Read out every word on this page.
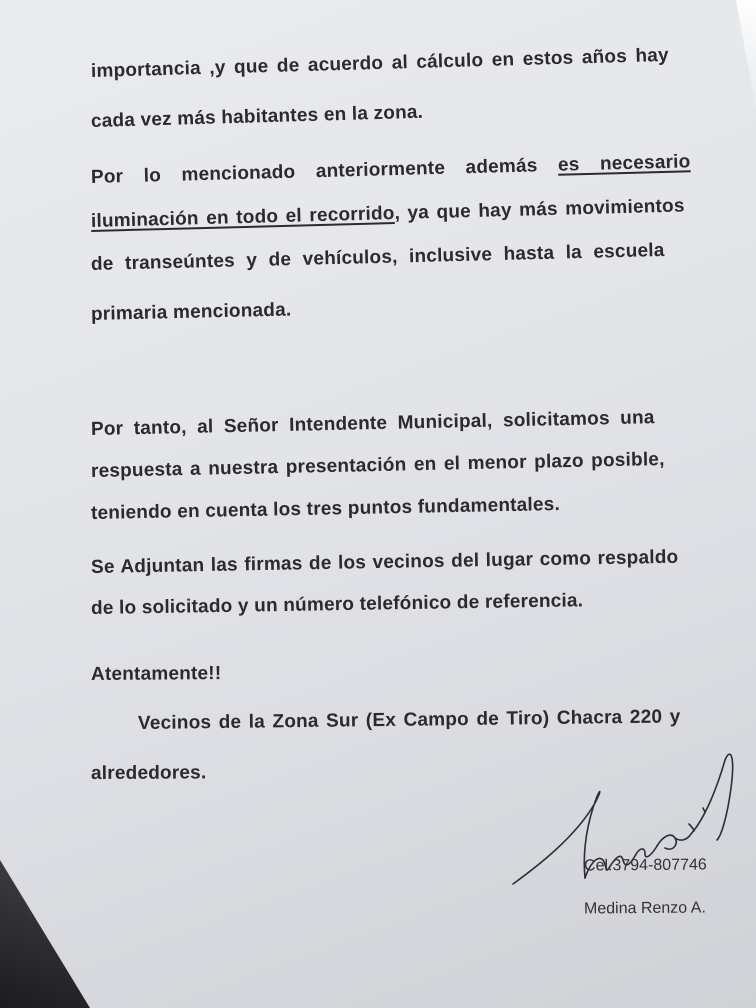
importancia ,y que de acuerdo al cálculo en estos años hay
cada vez más habitantes en la zona.
Por lo mencionado anteriormente además es necesario
iluminación en todo el recorrido, ya que hay más movimientos
de transeúntes y de vehículos, inclusive hasta la escuela
primaria mencionada.
Por tanto, al Señor Intendente Municipal, solicitamos una
respuesta a nuestra presentación en el menor plazo posible,
teniendo en cuenta los tres puntos fundamentales.
Se Adjuntan las firmas de los vecinos del lugar como respaldo
de lo solicitado y un número telefónico de referencia.
Atentamente!!
Vecinos de la Zona Sur (Ex Campo de Tiro) Chacra 220 y
alrededores.
Cel.3794-807746
Medina Renzo A.
